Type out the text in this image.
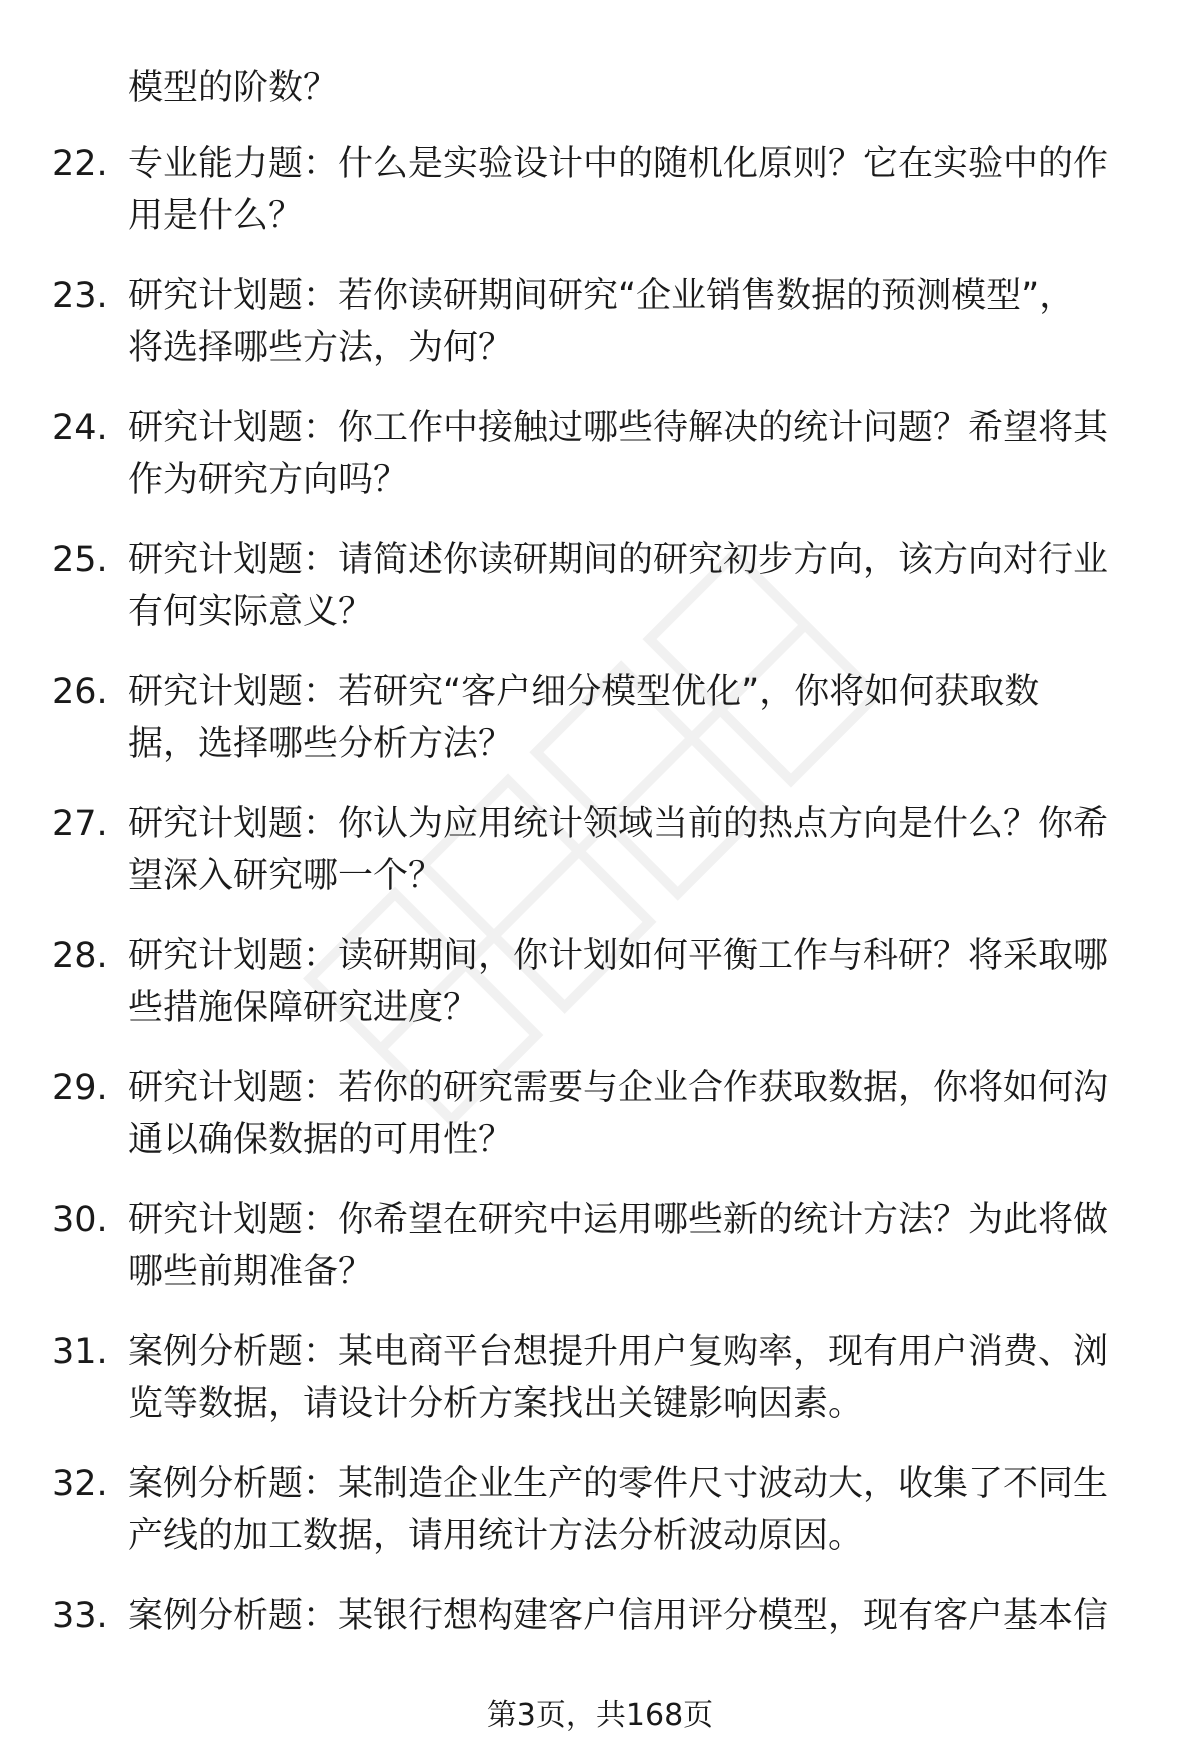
模型的阶数？
22. 专业能力题：什么是实验设计中的随机化原则？它在实验中的作
用是什么？
23. 研究计划题：若你读研期间研究“企业销售数据的预测模型”，
将选择哪些方法，为何？
24. 研究计划题：你工作中接触过哪些待解决的统计问题？希望将其
作为研究方向吗？
25. 研究计划题：请简述你读研期间的研究初步方向，该方向对行业
有何实际意义？
26. 研究计划题：若研究“客户细分模型优化”，你将如何获取数
据，选择哪些分析方法？
27. 研究计划题：你认为应用统计领域当前的热点方向是什么？你希
望深入研究哪一个？
28. 研究计划题：读研期间，你计划如何平衡工作与科研？将采取哪
些措施保障研究进度？
29. 研究计划题：若你的研究需要与企业合作获取数据，你将如何沟
通以确保数据的可用性？
30. 研究计划题：你希望在研究中运用哪些新的统计方法？为此将做
哪些前期准备？
31. 案例分析题：某电商平台想提升用户复购率，现有用户消费、浏
览等数据，请设计分析方案找出关键影响因素。
32. 案例分析题：某制造企业生产的零件尺寸波动大，收集了不同生
产线的加工数据，请用统计方法分析波动原因。
33. 案例分析题：某银行想构建客户信用评分模型，现有客户基本信
第3页，共168页
